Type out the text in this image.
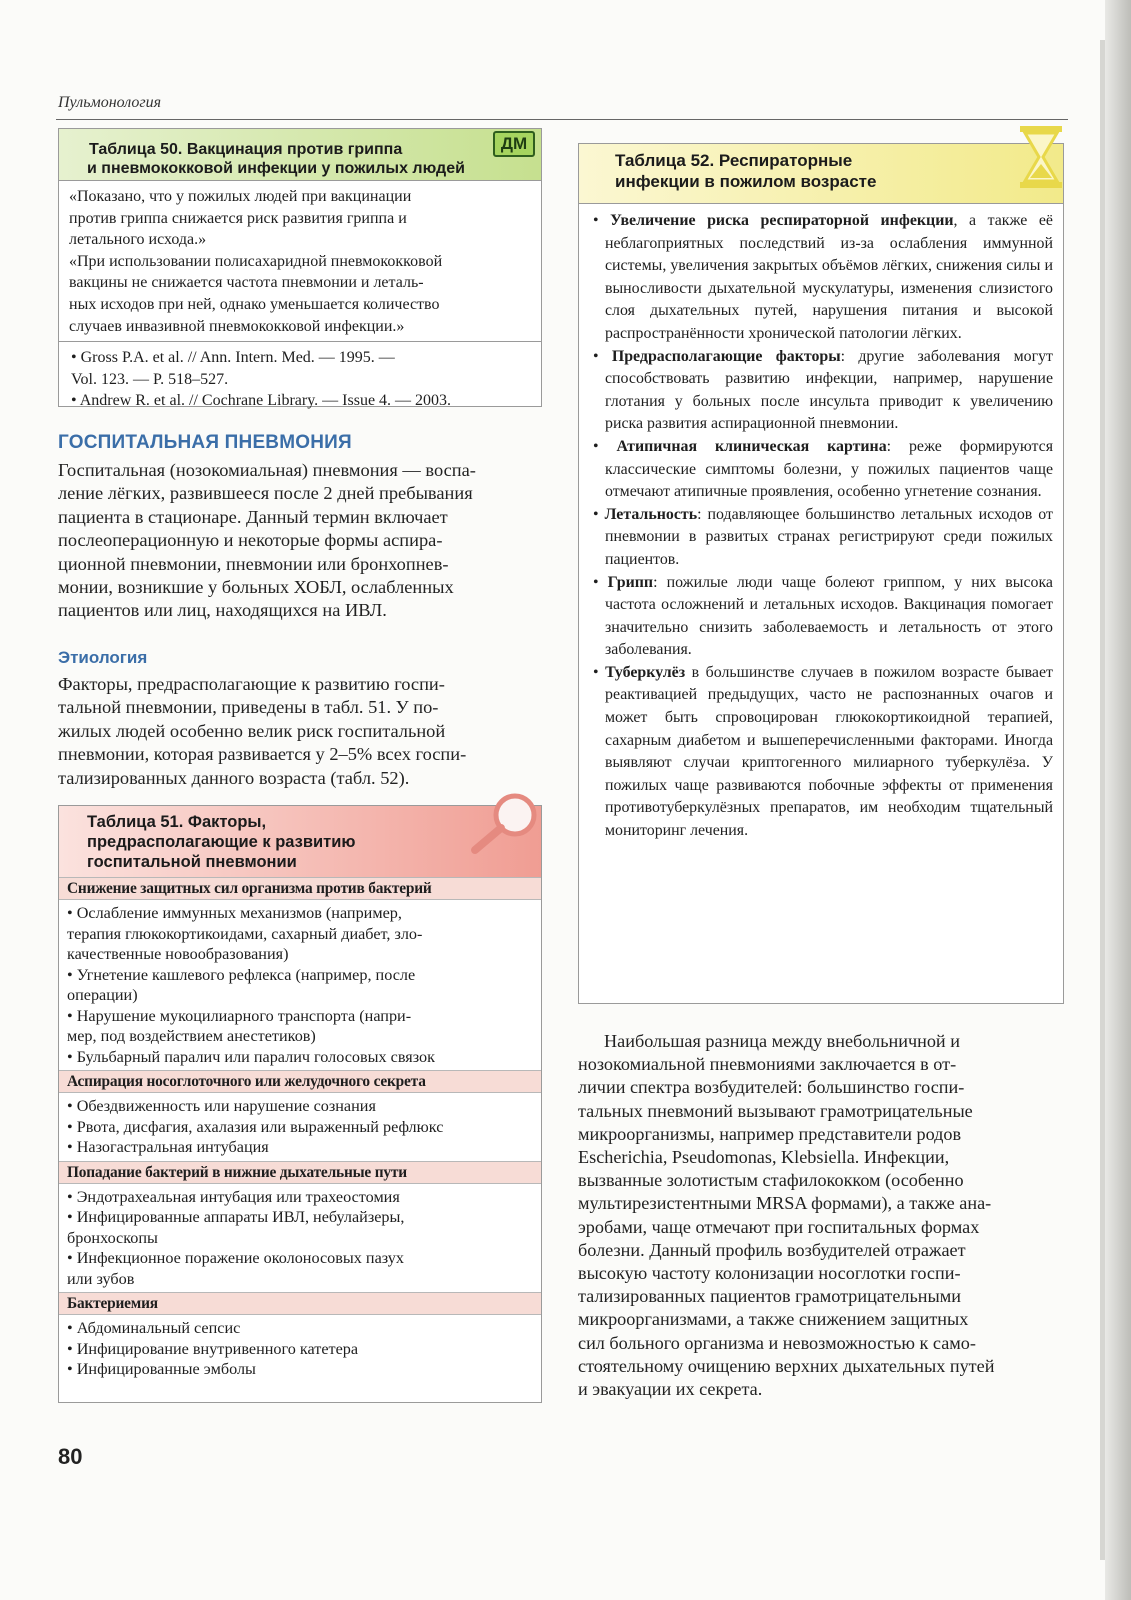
Пульмонология
Таблица 50. Вакцинация против гриппа
и пневмококковой инфекции у пожилых людей
ДМ

«Показано, что у пожилых людей при вакцинации

против гриппа снижается риск развития гриппа и

летального исхода.»

«При использовании полисахаридной пневмококковой

вакцины не снижается частота пневмонии и леталь-

ных исходов при ней, однако уменьшается количество

случаев инвазивной пневмококковой инфекции.»

• Gross P.A. et al. // Ann. Intern. Med. — 1995. —

Vol. 123. — P. 518–527.

• Andrew R. et al. // Cochrane Library. — Issue 4. — 2003.

ГОСПИТАЛЬНАЯ ПНЕВМОНИЯ
Госпитальная (нозокомиальная) пневмония — воспа-
ление лёгких, развившееся после 2 дней пребывания
пациента в стационаре. Данный термин включает
послеоперационную и некоторые формы аспира-
ционной пневмонии, пневмонии или бронхопнев-
монии, возникшие у больных ХОБЛ, ослабленных
пациентов или лиц, находящихся на ИВЛ.
Этиология
Факторы, предрасполагающие к развитию госпи-
тальной пневмонии, приведены в табл. 51. У по-
жилых людей особенно велик риск госпитальной
пневмонии, которая развивается у 2–5% всех госпи-
тализированных данного возраста (табл. 52).
Таблица 51. Факторы,
предрасполагающие к развитию
госпитальной пневмонии
Снижение защитных сил организма против бактерий
• Ослабление иммунных механизмов (например,
терапия глюкокортикоидами, сахарный диабет, зло-
качественные новообразования)
• Угнетение кашлевого рефлекса (например, после
операции)
• Нарушение мукоцилиарного транспорта (напри-
мер, под воздействием анестетиков)
• Бульбарный паралич или паралич голосовых связок
Аспирация носоглоточного или желудочного секрета
• Обездвиженность или нарушение сознания
• Рвота, дисфагия, ахалазия или выраженный рефлюкс
• Назогастральная интубация
Попадание бактерий в нижние дыхательные пути
• Эндотрахеальная интубация или трахеостомия
• Инфицированные аппараты ИВЛ, небулайзеры,
бронхоскопы
• Инфекционное поражение околоносовых пазух
или зубов
Бактериемия
• Абдоминальный сепсис
• Инфицирование внутривенного катетера
• Инфицированные эмболы
80
Таблица 52. Респираторные
инфекции в пожилом возрасте
• Увеличение риска респираторной инфекции, а также её неблагоприятных последствий из-за ослабления иммунной системы, увеличения закрытых объёмов лёгких, снижения силы и выносливости дыхательной мускулатуры, изменения слизистого слоя дыхательных путей, нарушения питания и высокой распространённости хронической патологии лёгких.
• Предрасполагающие факторы: другие заболевания могут способствовать развитию инфекции, например, нарушение глотания у больных после инсульта приводит к увеличению риска развития аспирационной пневмонии.
• Атипичная клиническая картина: реже формируются классические симптомы болезни, у пожилых пациентов чаще отмечают атипичные проявления, особенно угнетение сознания.
• Летальность: подавляющее большинство летальных исходов от пневмонии в развитых странах регистрируют среди пожилых пациентов.
• Грипп: пожилые люди чаще болеют гриппом, у них высока частота осложнений и летальных исходов. Вакцинация помогает значительно снизить заболеваемость и летальность от этого заболевания.
• Туберкулёз в большинстве случаев в пожилом возрасте бывает реактивацией предыдущих, часто не распознанных очагов и может быть спровоцирован глюкокортикоидной терапией, сахарным диабетом и вышеперечисленными факторами. Иногда выявляют случаи криптогенного милиарного туберкулёза. У пожилых чаще развиваются побочные эффекты от применения противотуберкулёзных препаратов, им необходим тщательный мониторинг лечения.
Наибольшая разница между внебольничной и
нозокомиальной пневмониями заключается в от-
личии спектра возбудителей: большинство госпи-
тальных пневмоний вызывают грамотрицательные
микроорганизмы, например представители родов
Escherichia, Pseudomonas, Klebsiella. Инфекции,
вызванные золотистым стафилококком (особенно
мультирезистентными MRSA формами), а также ана-
эробами, чаще отмечают при госпитальных формах
болезни. Данный профиль возбудителей отражает
высокую частоту колонизации носоглотки госпи-
тализированных пациентов грамотрицательными
микроорганизмами, а также снижением защитных
сил больного организма и невозможностью к само-
стоятельному очищению верхних дыхательных путей
и эвакуации их секрета.
